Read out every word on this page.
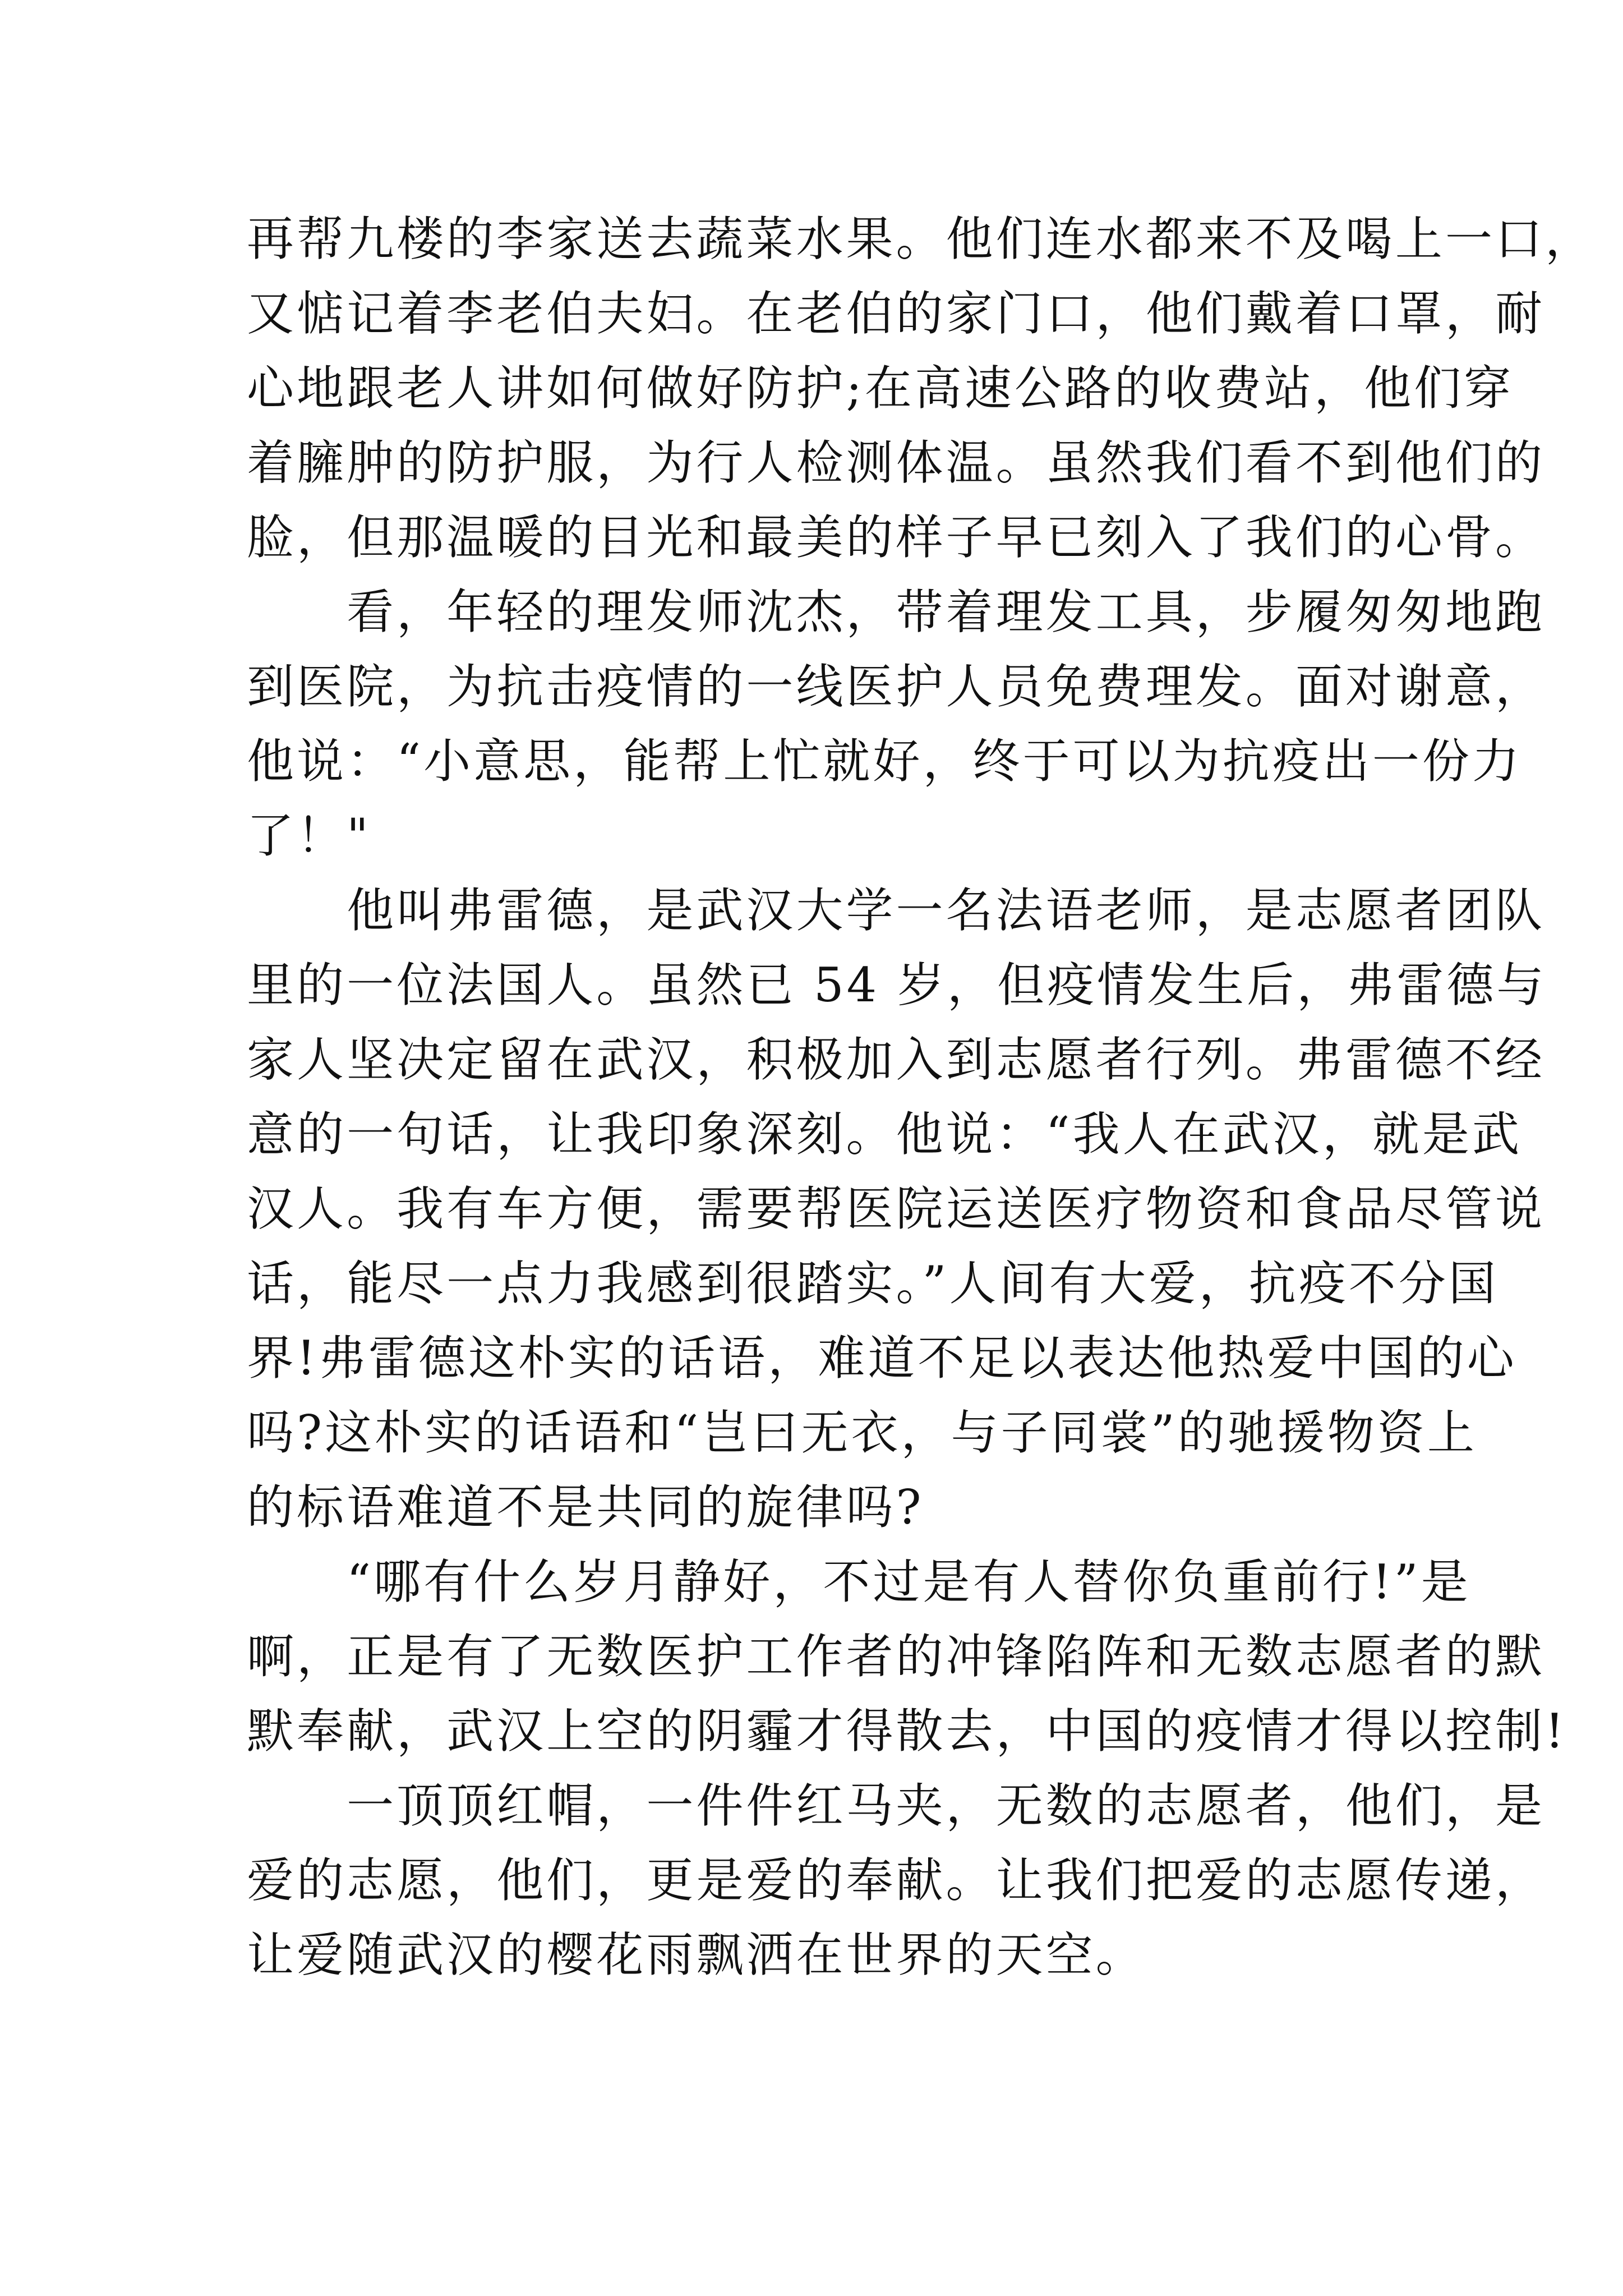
再帮九楼的李家送去蔬菜水果。他们连水都来不及喝上一口，
又惦记着李老伯夫妇。在老伯的家门口，他们戴着口罩，耐
心地跟老人讲如何做好防护;在高速公路的收费站，他们穿
着臃肿的防护服，为行人检测体温。虽然我们看不到他们的
脸，但那温暖的目光和最美的样子早已刻入了我们的心骨。
　　看，年轻的理发师沈杰，带着理发工具，步履匆匆地跑
到医院，为抗击疫情的一线医护人员免费理发。面对谢意，
他说：“小意思，能帮上忙就好，终于可以为抗疫出一份力
了！"
　　他叫弗雷德，是武汉大学一名法语老师，是志愿者团队
里的一位法国人。虽然已 54 岁，但疫情发生后，弗雷德与
家人坚决定留在武汉，积极加入到志愿者行列。弗雷德不经
意的一句话，让我印象深刻。他说：“我人在武汉，就是武
汉人。我有车方便，需要帮医院运送医疗物资和食品尽管说
话，能尽一点力我感到很踏实。”人间有大爱，抗疫不分国
界!弗雷德这朴实的话语，难道不足以表达他热爱中国的心
吗?这朴实的话语和“岂曰无衣，与子同裳”的驰援物资上
的标语难道不是共同的旋律吗?
　　“哪有什么岁月静好，不过是有人替你负重前行!”是
啊，正是有了无数医护工作者的冲锋陷阵和无数志愿者的默
默奉献，武汉上空的阴霾才得散去，中国的疫情才得以控制!
　　一顶顶红帽，一件件红马夹，无数的志愿者，他们，是
爱的志愿，他们，更是爱的奉献。让我们把爱的志愿传递，
让爱随武汉的樱花雨飘洒在世界的天空。
